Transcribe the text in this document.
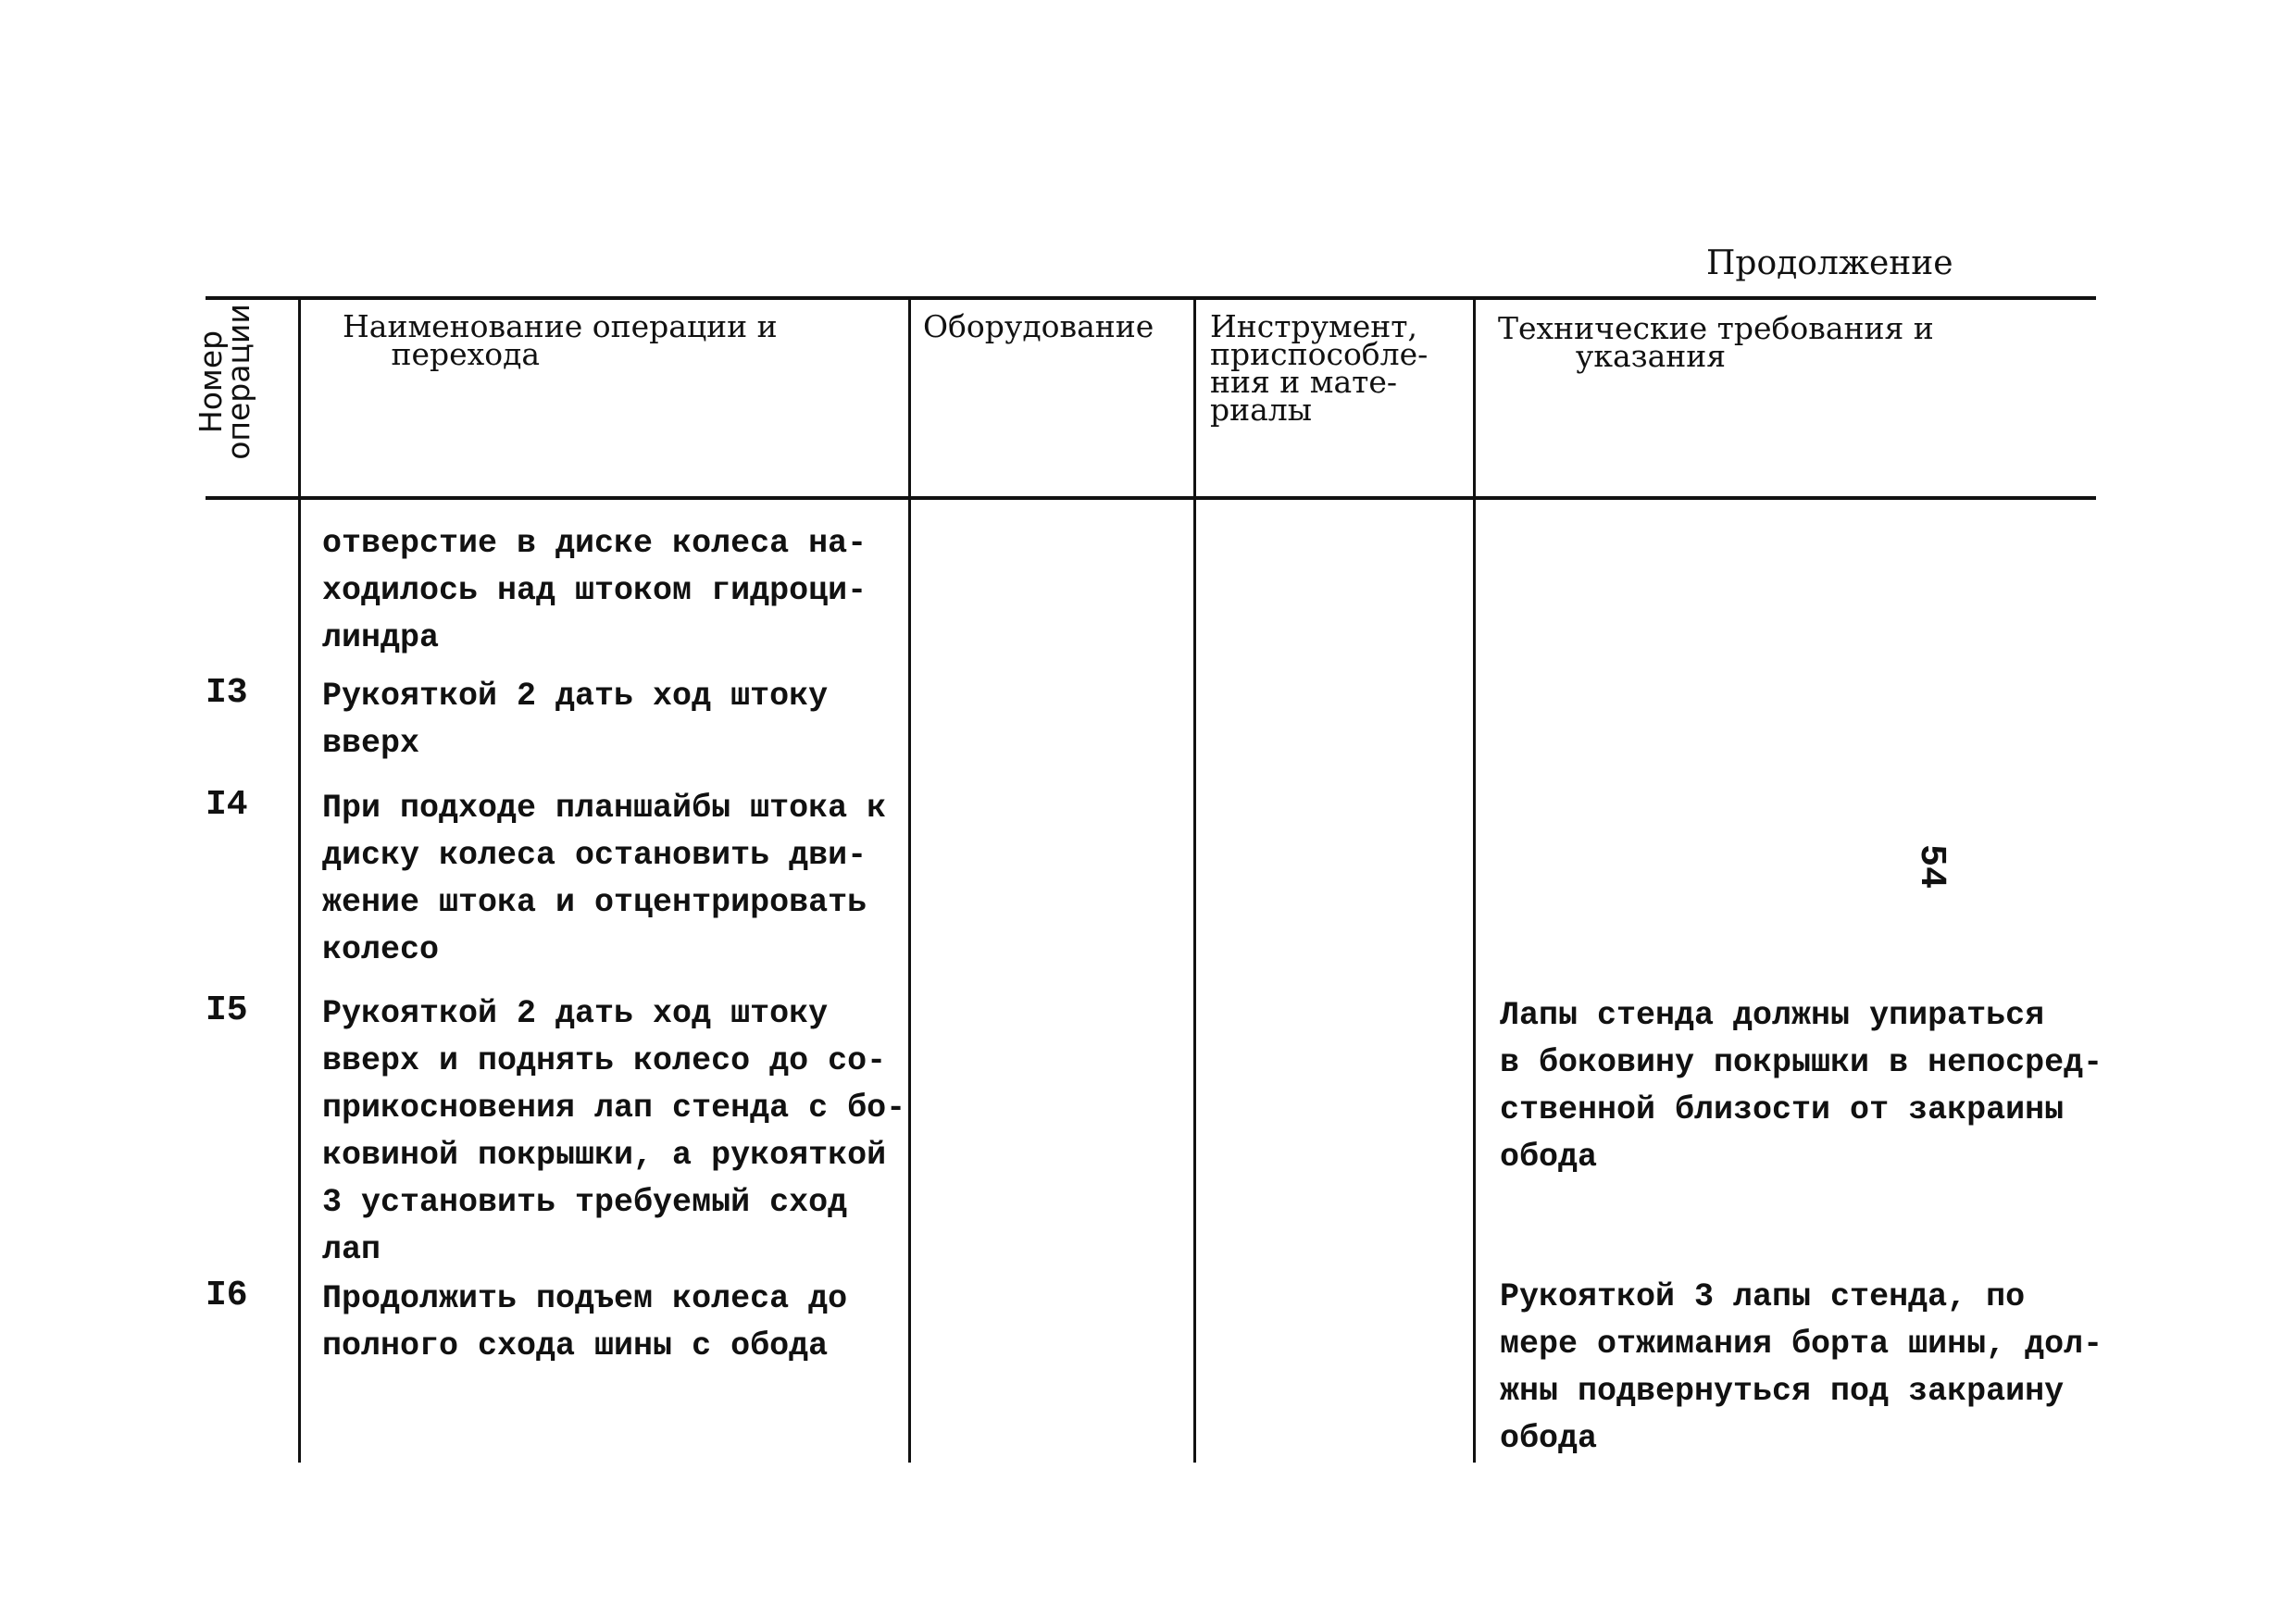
Продолжение
Номер
операции	Наименование операции и
перехода
Оборудование Инструмент,
приспособле-
ния и мате-
риалы
Технические требования и
указания
отверстие в диске колеса на-
ходилось над штоком гидроци-
линдра
I3 Рукояткой 2 дать ход штоку
вверх
I4 При подходе планшайбы штока к
диску колеса остановить дви-
жение штока и отцентрировать
колесо
I5 Рукояткой 2 дать ход штоку
вверх и поднять колесо до со-
прикосновения лап стенда с бо-
ковиной покрышки, а рукояткой
3 установить требуемый сход
лап
Лапы стенда должны упираться
в боковину покрышки в непосред-
ственной близости от закраины
обода
I6 Продолжить подъем колеса до
полного схода шины с обода
Рукояткой 3 лапы стенда, по
мере отжимания борта шины, дол-
жны подвернуться под закраину
обода
54
